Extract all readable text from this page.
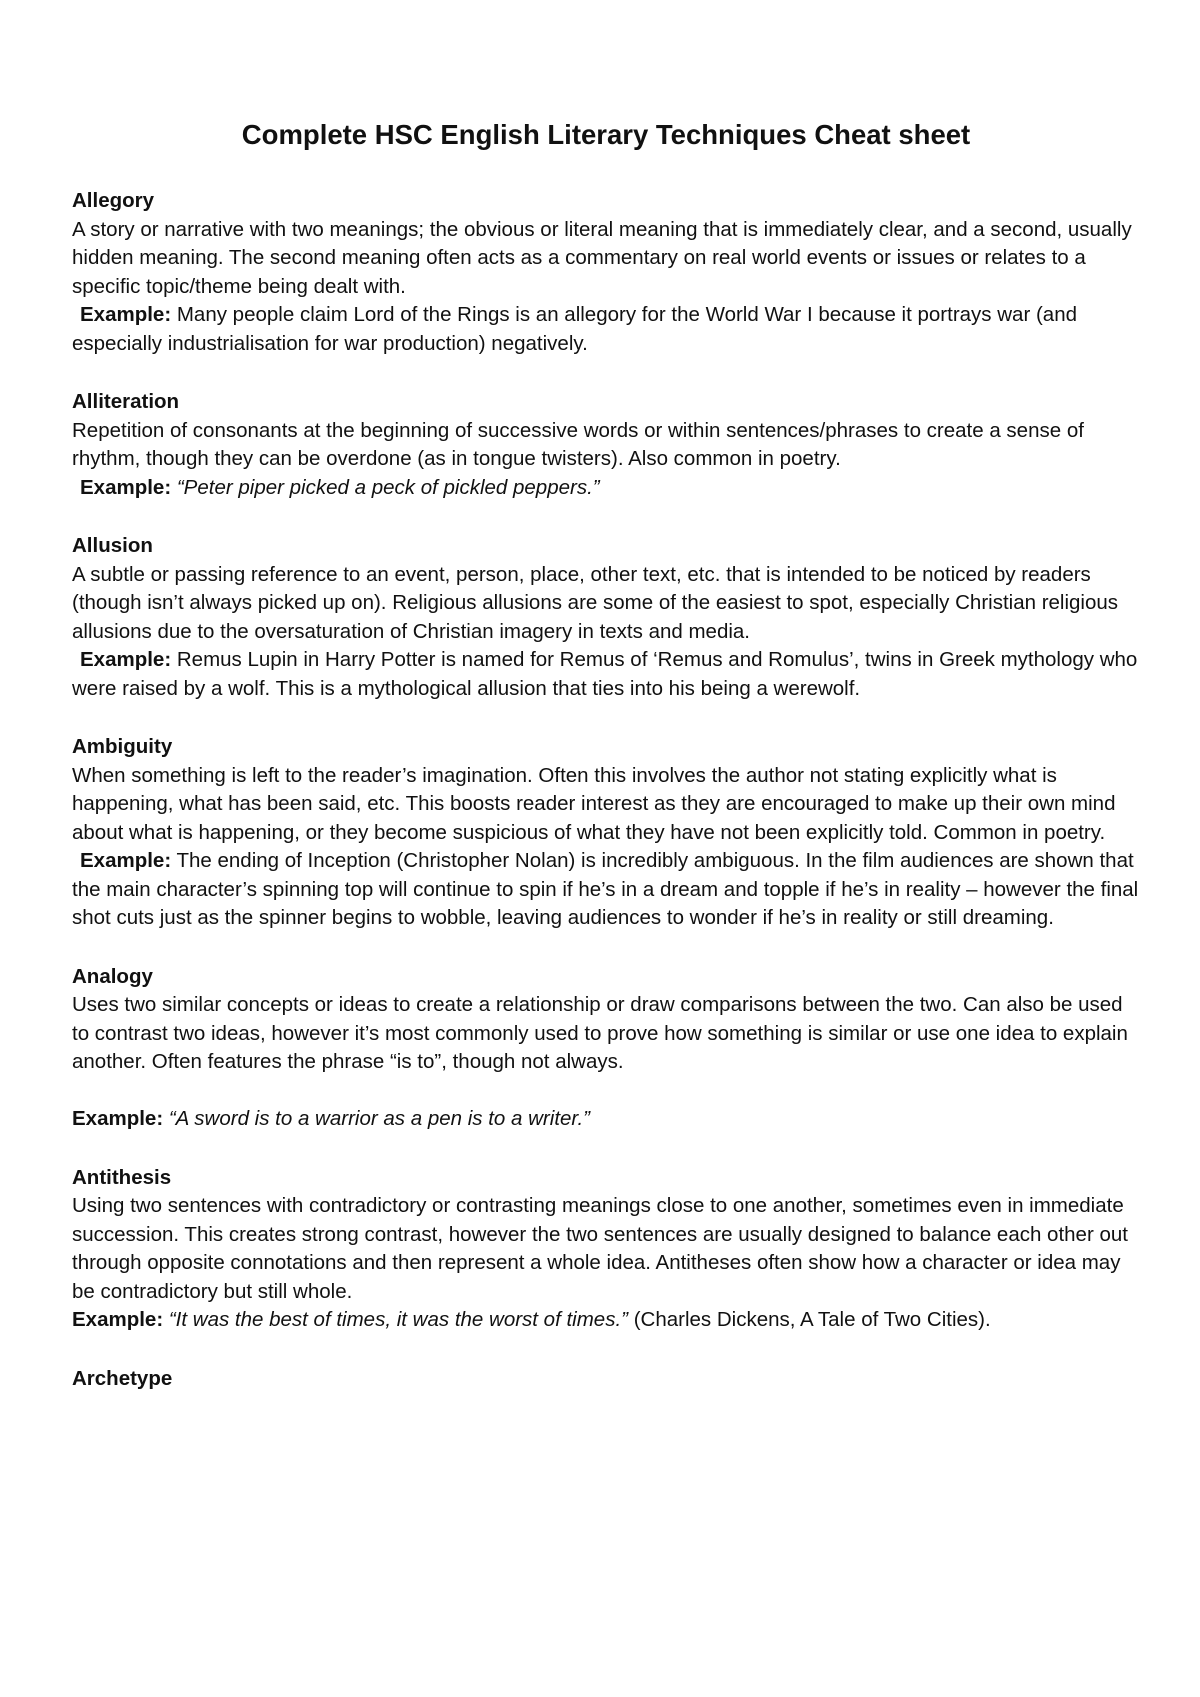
Complete HSC English Literary Techniques Cheat sheet

Allegory

A story or narrative with two meanings; the obvious or literal meaning that is immediately clear, and a second, usually hidden meaning. The second meaning often acts as a commentary on real world events or issues or relates to a specific topic/theme being dealt with.

Example: Many people claim Lord of the Rings is an allegory for the World War I because it portrays war (and especially industrialisation for war production) negatively.

Alliteration

Repetition of consonants at the beginning of successive words or within sentences/phrases to create a sense of rhythm, though they can be overdone (as in tongue twisters). Also common in poetry.

Example: “Peter piper picked a peck of pickled peppers.”

Allusion

A subtle or passing reference to an event, person, place, other text, etc. that is intended to be noticed by readers (though isn’t always picked up on). Religious allusions are some of the easiest to spot, especially Christian religious allusions due to the oversaturation of Christian imagery in texts and media.

Example: Remus Lupin in Harry Potter is named for Remus of ‘Remus and Romulus’, twins in Greek mythology who were raised by a wolf. This is a mythological allusion that ties into his being a werewolf.

Ambiguity

When something is left to the reader’s imagination. Often this involves the author not stating explicitly what is happening, what has been said, etc. This boosts reader interest as they are encouraged to make up their own mind about what is happening, or they become suspicious of what they have not been explicitly told. Common in poetry.

Example: The ending of Inception (Christopher Nolan) is incredibly ambiguous. In the film audiences are shown that the main character’s spinning top will continue to spin if he’s in a dream and topple if he’s in reality – however the final shot cuts just as the spinner begins to wobble, leaving audiences to wonder if he’s in reality or still dreaming.

Analogy

Uses two similar concepts or ideas to create a relationship or draw comparisons between the two. Can also be used to contrast two ideas, however it’s most commonly used to prove how something is similar or use one idea to explain another. Often features the phrase “is to”, though not always.

Example: “A sword is to a warrior as a pen is to a writer.”

Antithesis

Using two sentences with contradictory or contrasting meanings close to one another, sometimes even in immediate succession. This creates strong contrast, however the two sentences are usually designed to balance each other out through opposite connotations and then represent a whole idea. Antitheses often show how a character or idea may be contradictory but still whole.

Example: “It was the best of times, it was the worst of times.” (Charles Dickens, A Tale of Two Cities).

Archetype
